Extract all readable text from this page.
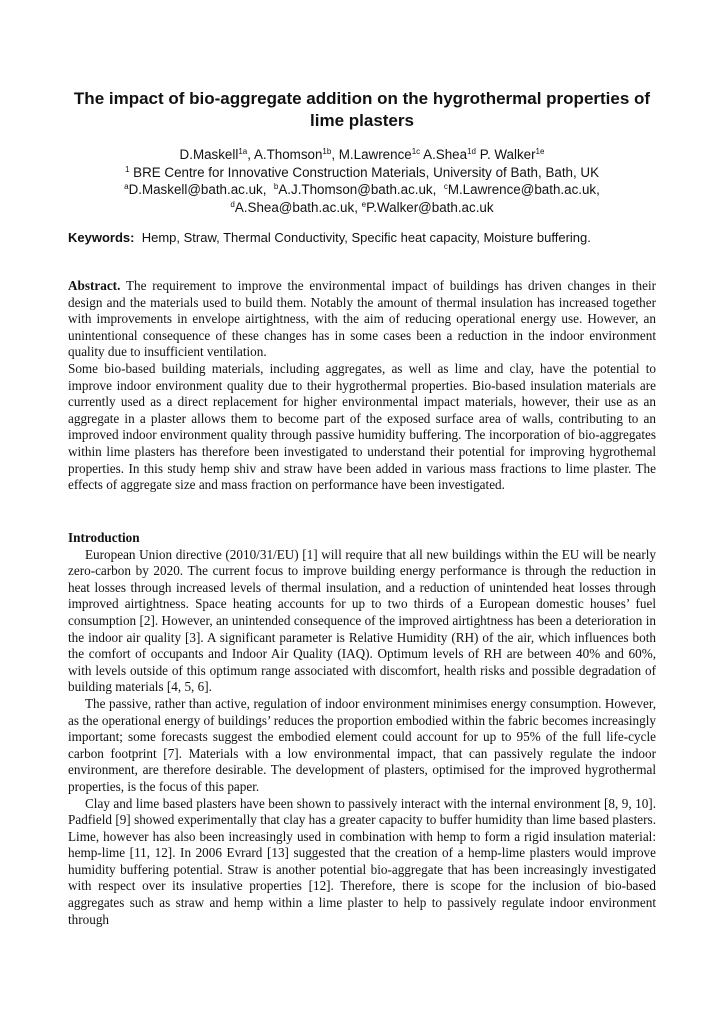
The impact of bio-aggregate addition on the hygrothermal properties of lime plasters
D.Maskell$^{1a}$, A.Thomson$^{1b}$, M.Lawrence$^{1c}$ A.Shea$^{1d}$ P. Walker$^{1e}$
$^1$ BRE Centre for Innovative Construction Materials, University of Bath, Bath, UK
$^a$D.Maskell@bath.ac.uk,  $^b$A.J.Thomson@bath.ac.uk,  $^c$M.Lawrence@bath.ac.uk,
$^d$A.Shea@bath.ac.uk, $^e$P.Walker@bath.ac.uk
Keywords: Hemp, Straw, Thermal Conductivity, Specific heat capacity, Moisture buffering.

Abstract. The requirement to improve the environmental impact of buildings has driven changes in their design and the materials used to build them. Notably the amount of thermal insulation has increased together with improvements in envelope airtightness, with the aim of reducing operational energy use. However, an unintentional consequence of these changes has in some cases been a reduction in the indoor environment quality due to insufficient ventilation.

Some bio-based building materials, including aggregates, as well as lime and clay, have the potential to improve indoor environment quality due to their hygrothermal properties. Bio-based insulation materials are currently used as a direct replacement for higher environmental impact materials, however, their use as an aggregate in a plaster allows them to become part of the exposed surface area of walls, contributing to an improved indoor environment quality through passive humidity buffering. The incorporation of bio-aggregates within lime plasters has therefore been investigated to understand their potential for improving hygrothemal properties. In this study hemp shiv and straw have been added in various mass fractions to lime plaster. The effects of aggregate size and mass fraction on performance have been investigated.

Introduction

European Union directive (2010/31/EU) [1] will require that all new buildings within the EU will be nearly zero-carbon by 2020. The current focus to improve building energy performance is through the reduction in heat losses through increased levels of thermal insulation, and a reduction of unintended heat losses through improved airtightness. Space heating accounts for up to two thirds of a European domestic houses’ fuel consumption [2]. However, an unintended consequence of the improved airtightness has been a deterioration in the indoor air quality [3]. A significant parameter is Relative Humidity (RH) of the air, which influences both the comfort of occupants and Indoor Air Quality (IAQ). Optimum levels of RH are between 40% and 60%, with levels outside of this optimum range associated with discomfort, health risks and possible degradation of building materials [4, 5, 6].

The passive, rather than active, regulation of indoor environment minimises energy consumption. However, as the operational energy of buildings’ reduces the proportion embodied within the fabric becomes increasingly important; some forecasts suggest the embodied element could account for up to 95% of the full life-cycle carbon footprint [7]. Materials with a low environmental impact, that can passively regulate the indoor environment, are therefore desirable. The development of plasters, optimised for the improved hygrothermal properties, is the focus of this paper.

Clay and lime based plasters have been shown to passively interact with the internal environment [8, 9, 10]. Padfield [9] showed experimentally that clay has a greater capacity to buffer humidity than lime based plasters. Lime, however has also been increasingly used in combination with hemp to form a rigid insulation material: hemp-lime [11, 12]. In 2006 Evrard [13] suggested that the creation of a hemp-lime plasters would improve humidity buffering potential. Straw is another potential bio-aggregate that has been increasingly investigated with respect over its insulative properties [12]. Therefore, there is scope for the inclusion of bio-based aggregates such as straw and hemp within a lime plaster to help to passively regulate indoor environment through
